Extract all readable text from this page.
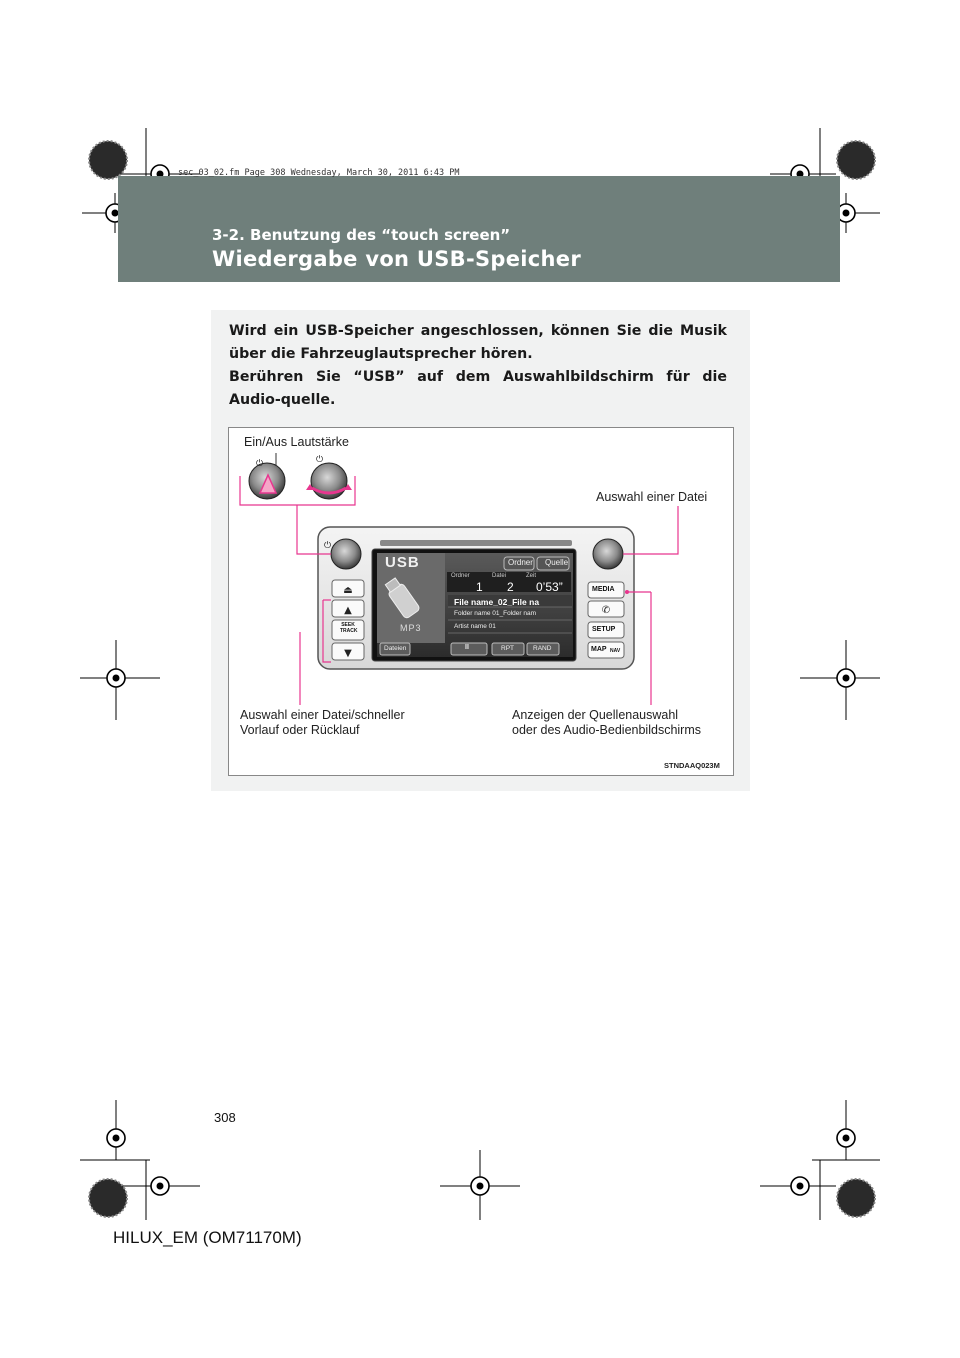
sec_03_02.fm Page 308 Wednesday, March 30, 2011 6:43 PM
3-2. Benutzung des “touch screen”
Wiedergabe von USB-Speicher
Wird ein USB-Speicher angeschlossen, können Sie die Musik über die Fahrzeuglautsprecher hören.
Berühren Sie “USB” auf dem Auswahlbildschirm für die Audio-quelle.
Ein/Aus Lautstärke
Auswahl einer Datei
Auswahl einer Datei/schneller
Vorlauf oder Rücklauf
Anzeigen der Quellenauswahl
oder des Audio-Bedienbildschirms
STNDAAQ023M
⏻	⏻
⏻
⏏
▲
▼
✆
USB	Ordner Quelle
Ordner	Datei	Zeit
1 2 0’53”
File name_02_File na
Folder name 01_Folder nam
Artist name 01
MP3
Dateien	II	RPT	RAND
MEDIA
SETUP
MAP NAV
SEEK
TRACK
308
HILUX_EM (OM71170M)
